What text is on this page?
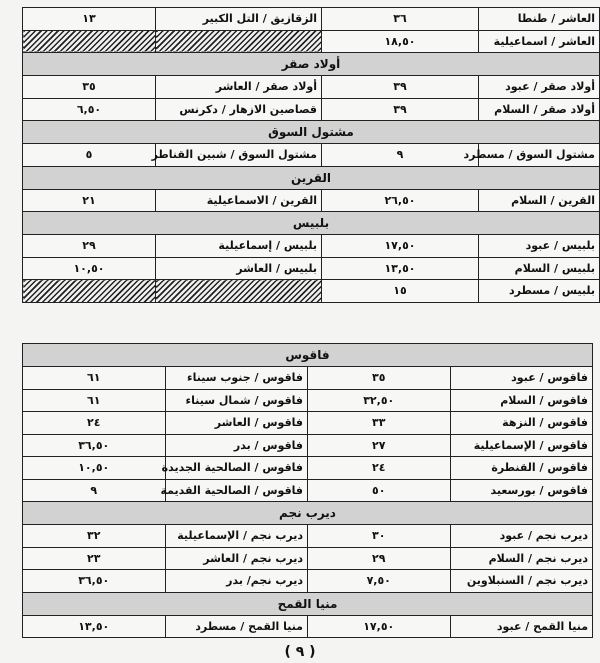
العاشر / طنطا	٣٦	الزقازيق / التل الكبير	١٣
العاشر / اسماعيلية	١٨,٥٠		
أولاد صقر			
أولاد صقر / عبود	٣٩	أولاد صقر / العاشر	٣٥
أولاد صقر / السلام	٣٩	قصاصين الازهار / دكرنس	٦,٥٠
مشتول السوق			
مشتول السوق / مسطرد	٩	مشتول السوق / شبين القناطر	٥
القرين			
القرين / السلام	٢٦,٥٠	القرين / الاسماعيلية	٢١
بلبيس			
بلبيس / عبود	١٧,٥٠	بلبيس / إسماعيلية	٢٩
بلبيس / السلام	١٣,٥٠	بلبيس / العاشر	١٠,٥٠
بلبيس / مسطرد	١٥		
فاقوس			
فاقوس / عبود	٣٥	فاقوس / جنوب سيناء	٦١
فاقوس / السلام	٣٢,٥٠	فاقوس / شمال سيناء	٦١
فاقوس / النزهة	٣٣	فاقوس / العاشر	٢٤
فاقوس / الإسماعيلية	٢٧	فاقوس / بدر	٣٦,٥٠
فاقوس / القنطرة	٢٤	فاقوس / الصالحية الجديدة	١٠,٥٠
فاقوس / بورسعيد	٥٠	فاقوس / الصالحية القديمة	٩
ديرب نجم			
ديرب نجم / عبود	٣٠	ديرب نجم / الإسماعيلية	٣٢
ديرب نجم / السلام	٢٩	ديرب نجم / العاشر	٢٣
ديرب نجم / السنبلاوين	٧,٥٠	ديرب نجم/ بدر	٣٦,٥٠
منيا القمح			
منيا القمح / عبود	١٧,٥٠	منيا القمح / مسطرد	١٣,٥٠
( ٩ )
